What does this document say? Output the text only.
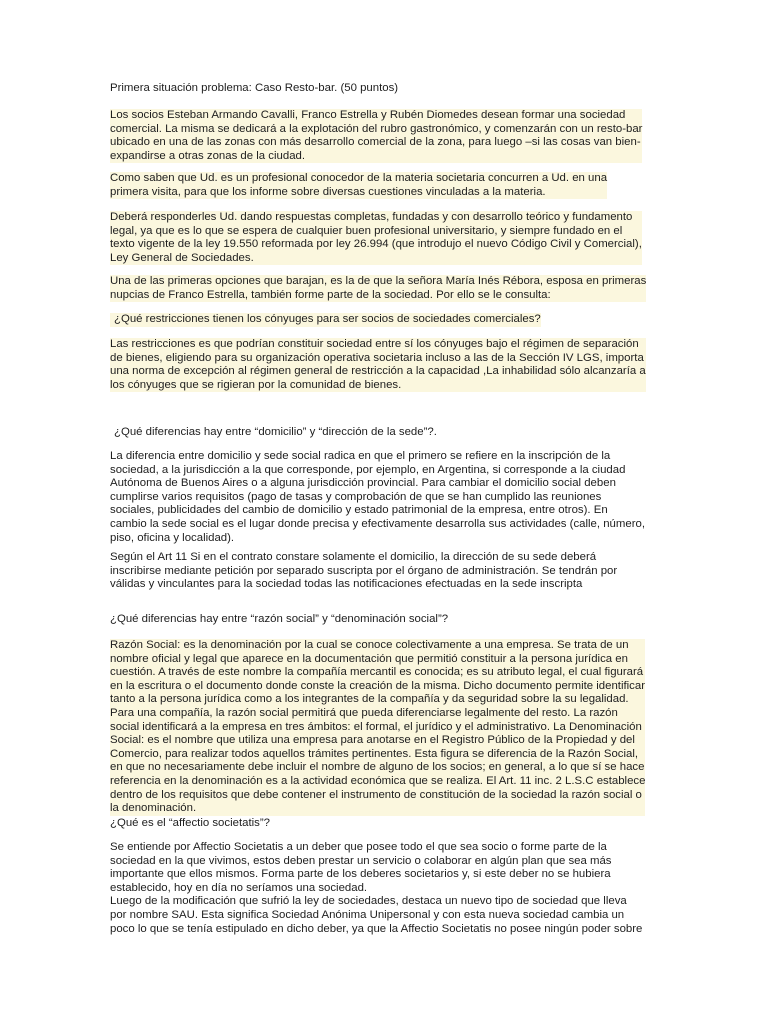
Primera situación problema: Caso Resto-bar. (50 puntos)

Los socios Esteban Armando Cavalli, Franco Estrella y Rubén Diomedes desean formar una sociedad
comercial. La misma se dedicará a la explotación del rubro gastronómico, y comenzarán con un resto-bar
ubicado en una de las zonas con más desarrollo comercial de la zona, para luego –si las cosas van bien-
expandirse a otras zonas de la ciudad.

Como saben que Ud. es un profesional conocedor de la materia societaria concurren a Ud. en una
primera visita, para que los informe sobre diversas cuestiones vinculadas a la materia.

Deberá responderles Ud. dando respuestas completas, fundadas y con desarrollo teórico y fundamento
legal, ya que es lo que se espera de cualquier buen profesional universitario, y siempre fundado en el
texto vigente de la ley 19.550 reformada por ley 26.994 (que introdujo el nuevo Código Civil y Comercial),
Ley General de Sociedades.

Una de las primeras opciones que barajan, es la de que la señora María Inés Rébora, esposa en primeras
nupcias de Franco Estrella, también forme parte de la sociedad. Por ello se le consulta:

¿Qué restricciones tienen los cónyuges para ser socios de sociedades comerciales?

Las restricciones es que podrían constituir sociedad entre sí los cónyuges bajo el régimen de separación
de bienes, eligiendo para su organización operativa societaria incluso a las de la Sección IV LGS, importa
una norma de excepción al régimen general de restricción a la capacidad ,La inhabilidad sólo alcanzaría a
los cónyuges que se rigieran por la comunidad de bienes.

¿Qué diferencias hay entre “domicilio” y “dirección de la sede”?.

La diferencia entre domicilio y sede social radica en que el primero se refiere en la inscripción de la
sociedad, a la jurisdicción a la que corresponde, por ejemplo, en Argentina, si corresponde a la ciudad
Autónoma de Buenos Aires o a alguna jurisdicción provincial. Para cambiar el domicilio social deben
cumplirse varios requisitos (pago de tasas y comprobación de que se han cumplido las reuniones
sociales, publicidades del cambio de domicilio y estado patrimonial de la empresa, entre otros). En
cambio la sede social es el lugar donde precisa y efectivamente desarrolla sus actividades (calle, número,
piso, oficina y localidad).

Según el Art 11 Si en el contrato constare solamente el domicilio, la dirección de su sede deberá
inscribirse mediante petición por separado suscripta por el órgano de administración. Se tendrán por
válidas y vinculantes para la sociedad todas las notificaciones efectuadas en la sede inscripta

¿Qué diferencias hay entre “razón social” y “denominación social”?

Razón Social: es la denominación por la cual se conoce colectivamente a una empresa. Se trata de un
nombre oficial y legal que aparece en la documentación que permitió constituir a la persona jurídica en
cuestión. A través de este nombre la compañía mercantil es conocida; es su atributo legal, el cual figurará
en la escritura o el documento donde conste la creación de la misma. Dicho documento permite identificar
tanto a la persona jurídica como a los integrantes de la compañía y da seguridad sobre la su legalidad.
Para una compañía, la razón social permitirá que pueda diferenciarse legalmente del resto. La razón
social identificará a la empresa en tres ámbitos: el formal, el jurídico y el administrativo. La Denominación
Social: es el nombre que utiliza una empresa para anotarse en el Registro Público de la Propiedad y del
Comercio, para realizar todos aquellos trámites pertinentes. Esta figura se diferencia de la Razón Social,
en que no necesariamente debe incluir el nombre de alguno de los socios; en general, a lo que sí se hace
referencia en la denominación es a la actividad económica que se realiza. El Art. 11 inc. 2 L.S.C establece
dentro de los requisitos que debe contener el instrumento de constitución de la sociedad la razón social o
la denominación.

¿Qué es el “affectio societatis”?

Se entiende por Affectio Societatis a un deber que posee todo el que sea socio o forme parte de la
sociedad en la que vivimos, estos deben prestar un servicio o colaborar en algún plan que sea más
importante que ellos mismos. Forma parte de los deberes societarios y, si este deber no se hubiera
establecido, hoy en día no seríamos una sociedad.
Luego de la modificación que sufrió la ley de sociedades, destaca un nuevo tipo de sociedad que lleva
por nombre SAU. Esta significa Sociedad Anónima Unipersonal y con esta nueva sociedad cambia un
poco lo que se tenía estipulado en dicho deber, ya que la Affectio Societatis no posee ningún poder sobre
